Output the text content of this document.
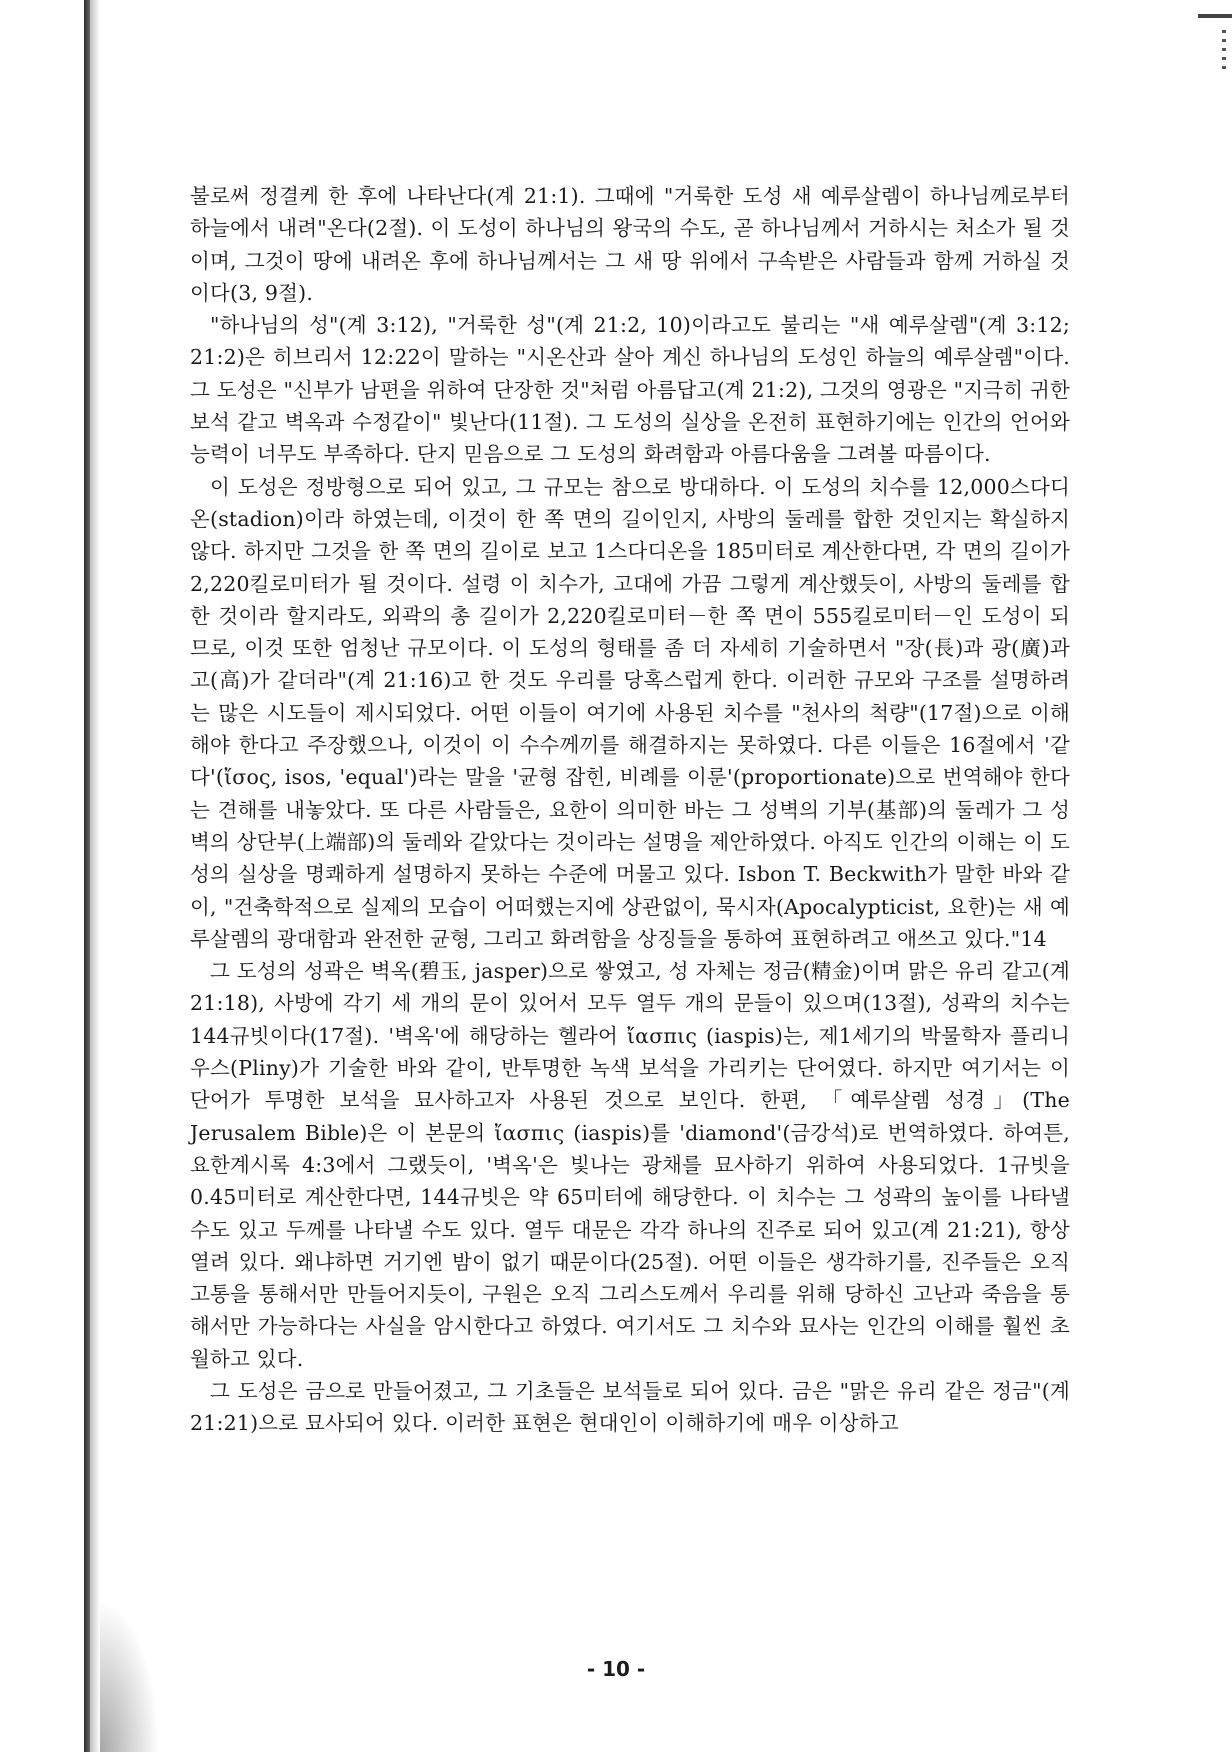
불로써 정결케 한 후에 나타난다(계 21:1). 그때에 "거룩한 도성 새 예루살렘이 하나님께로부터 하늘에서 내려"온다(2절). 이 도성이 하나님의 왕국의 수도, 곧 하나님께서 거하시는 처소가 될 것이며, 그것이 땅에 내려온 후에 하나님께서는 그 새 땅 위에서 구속받은 사람들과 함께 거하실 것이다(3, 9절).

"하나님의 성"(계 3:12), "거룩한 성"(계 21:2, 10)이라고도 불리는 "새 예루살렘"(계 3:12; 21:2)은 히브리서 12:22이 말하는 "시온산과 살아 계신 하나님의 도성인 하늘의 예루살렘"이다. 그 도성은 "신부가 남편을 위하여 단장한 것"처럼 아름답고(계 21:2), 그것의 영광은 "지극히 귀한 보석 같고 벽옥과 수정같이" 빛난다(11절). 그 도성의 실상을 온전히 표현하기에는 인간의 언어와 능력이 너무도 부족하다. 단지 믿음으로 그 도성의 화려함과 아름다움을 그려볼 따름이다.

이 도성은 정방형으로 되어 있고, 그 규모는 참으로 방대하다. 이 도성의 치수를 12,000스다디온(stadion)이라 하였는데, 이것이 한 쪽 면의 길이인지, 사방의 둘레를 합한 것인지는 확실하지 않다. 하지만 그것을 한 쪽 면의 길이로 보고 1스다디온을 185미터로 계산한다면, 각 면의 길이가 2,220킬로미터가 될 것이다. 설령 이 치수가, 고대에 가끔 그렇게 계산했듯이, 사방의 둘레를 합한 것이라 할지라도, 외곽의 총 길이가 2,220킬로미터－한 쪽 면이 555킬로미터－인 도성이 되므로, 이것 또한 엄청난 규모이다. 이 도성의 형태를 좀 더 자세히 기술하면서 "장(長)과 광(廣)과 고(高)가 같더라"(계 21:16)고 한 것도 우리를 당혹스럽게 한다. 이러한 규모와 구조를 설명하려는 많은 시도들이 제시되었다. 어떤 이들이 여기에 사용된 치수를 "천사의 척량"(17절)으로 이해해야 한다고 주장했으나, 이것이 이 수수께끼를 해결하지는 못하였다. 다른 이들은 16절에서 '같다'(ἴσος, isos, 'equal')라는 말을 '균형 잡힌, 비례를 이룬'(proportionate)으로 번역해야 한다는 견해를 내놓았다. 또 다른 사람들은, 요한이 의미한 바는 그 성벽의 기부(基部)의 둘레가 그 성벽의 상단부(上端部)의 둘레와 같았다는 것이라는 설명을 제안하였다. 아직도 인간의 이해는 이 도성의 실상을 명쾌하게 설명하지 못하는 수준에 머물고 있다. Isbon T. Beckwith가 말한 바와 같이, "건축학적으로 실제의 모습이 어떠했는지에 상관없이, 묵시자(Apocalypticist, 요한)는 새 예루살렘의 광대함과 완전한 균형, 그리고 화려함을 상징들을 통하여 표현하려고 애쓰고 있다."14

그 도성의 성곽은 벽옥(碧玉, jasper)으로 쌓였고, 성 자체는 정금(精金)이며 맑은 유리 같고(계 21:18), 사방에 각기 세 개의 문이 있어서 모두 열두 개의 문들이 있으며(13절), 성곽의 치수는 144규빗이다(17절). '벽옥'에 해당하는 헬라어 ἴασπις (iaspis)는, 제1세기의 박물학자 플리니우스(Pliny)가 기술한 바와 같이, 반투명한 녹색 보석을 가리키는 단어였다. 하지만 여기서는 이 단어가 투명한 보석을 묘사하고자 사용된 것으로 보인다. 한편, 「예루살렘 성경」(The Jerusalem Bible)은 이 본문의 ἴασπις (iaspis)를 'diamond'(금강석)로 번역하였다. 하여튼, 요한계시록 4:3에서 그랬듯이, '벽옥'은 빛나는 광채를 묘사하기 위하여 사용되었다. 1규빗을 0.45미터로 계산한다면, 144규빗은 약 65미터에 해당한다. 이 치수는 그 성곽의 높이를 나타낼 수도 있고 두께를 나타낼 수도 있다. 열두 대문은 각각 하나의 진주로 되어 있고(계 21:21), 항상 열려 있다. 왜냐하면 거기엔 밤이 없기 때문이다(25절). 어떤 이들은 생각하기를, 진주들은 오직 고통을 통해서만 만들어지듯이, 구원은 오직 그리스도께서 우리를 위해 당하신 고난과 죽음을 통해서만 가능하다는 사실을 암시한다고 하였다. 여기서도 그 치수와 묘사는 인간의 이해를 훨씬 초월하고 있다.

그 도성은 금으로 만들어졌고, 그 기초들은 보석들로 되어 있다. 금은 "맑은 유리 같은 정금"(계 21:21)으로 묘사되어 있다. 이러한 표현은 현대인이 이해하기에 매우 이상하고

- 10 -
